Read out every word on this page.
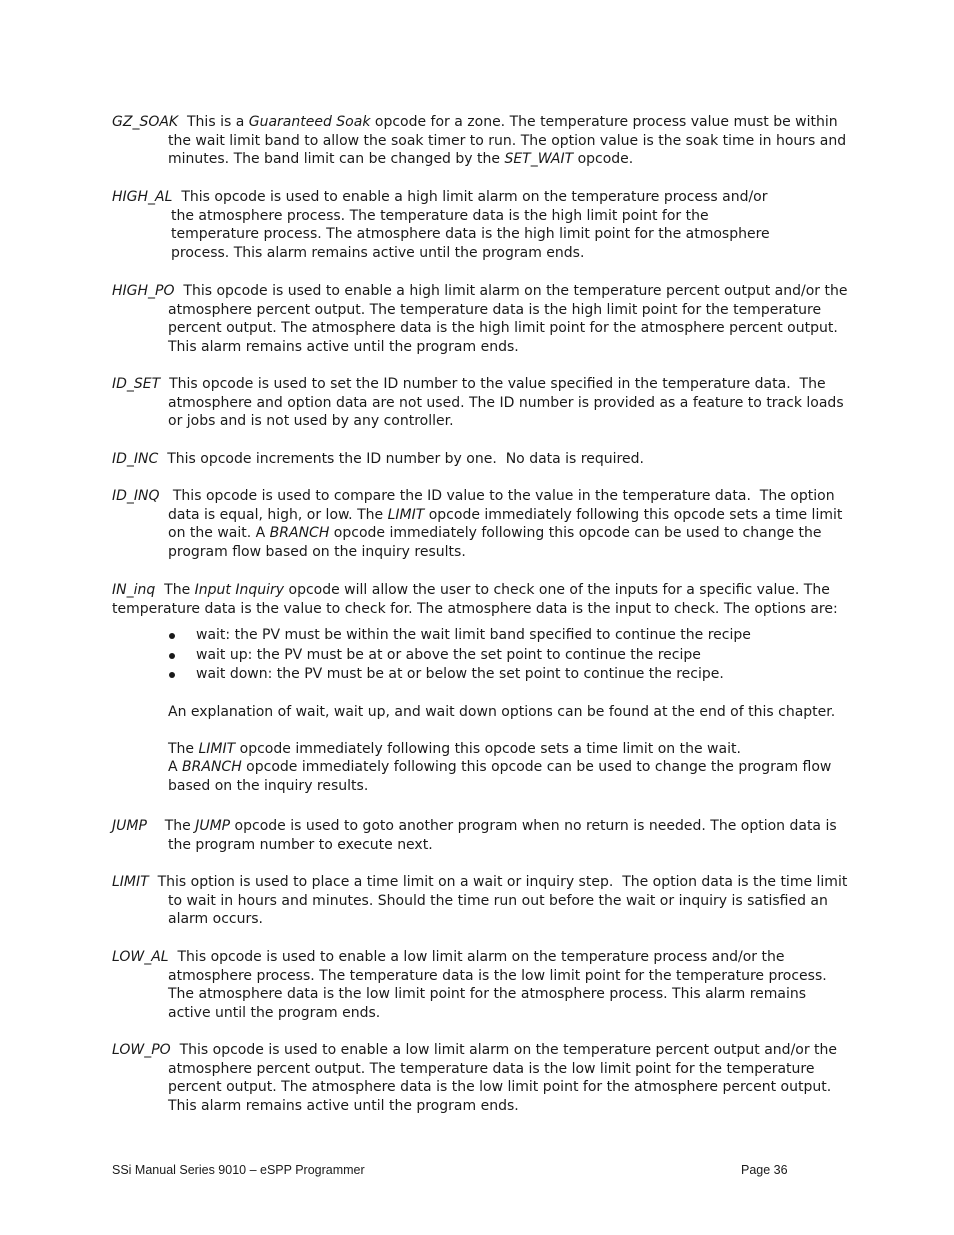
GZ_SOAK  This is a Guaranteed Soak opcode for a zone. The temperature process value must be within

the wait limit band to allow the soak timer to run. The option value is the soak time in hours and

minutes. The band limit can be changed by the SET_WAIT opcode.

HIGH_AL  This opcode is used to enable a high limit alarm on the temperature process and/or

the atmosphere process. The temperature data is the high limit point for the

temperature process. The atmosphere data is the high limit point for the atmosphere

process. This alarm remains active until the program ends.

HIGH_PO  This opcode is used to enable a high limit alarm on the temperature percent output and/or the

atmosphere percent output. The temperature data is the high limit point for the temperature

percent output. The atmosphere data is the high limit point for the atmosphere percent output.

This alarm remains active until the program ends.

ID_SET  This opcode is used to set the ID number to the value specified in the temperature data.  The

atmosphere and option data are not used. The ID number is provided as a feature to track loads

or jobs and is not used by any controller.

ID_INC  This opcode increments the ID number by one.  No data is required.

ID_INQ   This opcode is used to compare the ID value to the value in the temperature data.  The option

data is equal, high, or low. The LIMIT opcode immediately following this opcode sets a time limit

on the wait. A BRANCH opcode immediately following this opcode can be used to change the

program flow based on the inquiry results.

IN_inq  The Input Inquiry opcode will allow the user to check one of the inputs for a specific value. The

temperature data is the value to check for. The atmosphere data is the input to check. The options are:

wait: the PV must be within the wait limit band specified to continue the recipe
wait up: the PV must be at or above the set point to continue the recipe
wait down: the PV must be at or below the set point to continue the recipe.

An explanation of wait, wait up, and wait down options can be found at the end of this chapter.

The LIMIT opcode immediately following this opcode sets a time limit on the wait.

A BRANCH opcode immediately following this opcode can be used to change the program flow

based on the inquiry results.

JUMP    The JUMP opcode is used to goto another program when no return is needed. The option data is

the program number to execute next.

LIMIT  This option is used to place a time limit on a wait or inquiry step.  The option data is the time limit

to wait in hours and minutes. Should the time run out before the wait or inquiry is satisfied an

alarm occurs.

LOW_AL  This opcode is used to enable a low limit alarm on the temperature process and/or the

atmosphere process. The temperature data is the low limit point for the temperature process.

The atmosphere data is the low limit point for the atmosphere process. This alarm remains

active until the program ends.

LOW_PO  This opcode is used to enable a low limit alarm on the temperature percent output and/or the

atmosphere percent output. The temperature data is the low limit point for the temperature

percent output. The atmosphere data is the low limit point for the atmosphere percent output.

This alarm remains active until the program ends.

SSi Manual Series 9010 – eSPP Programmer	Page 36
